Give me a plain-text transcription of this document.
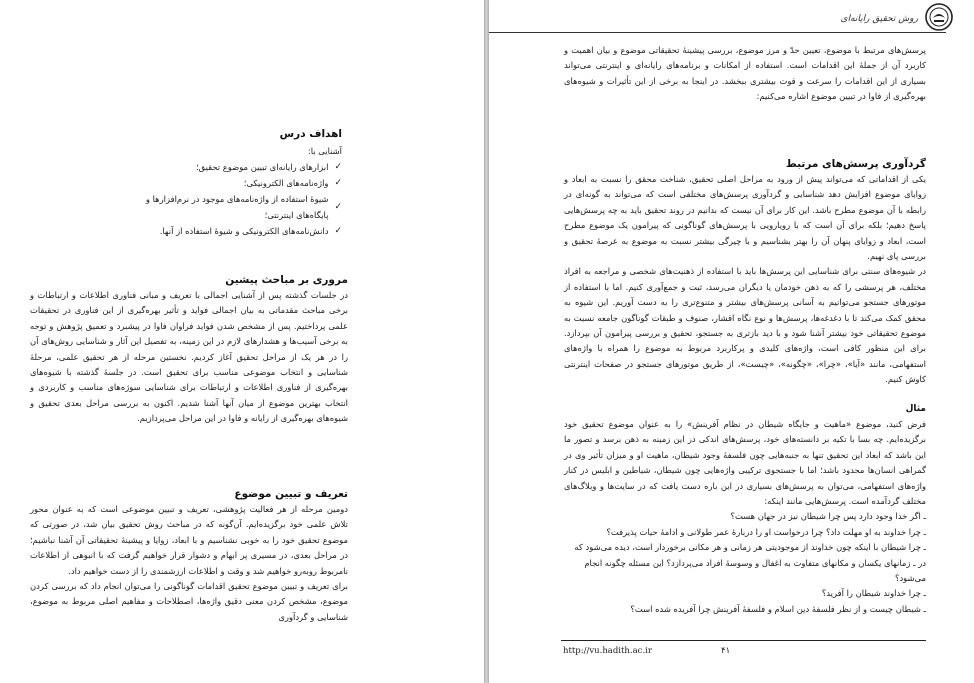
اهداف درس
آشنایی با:
✓
ابزارهای رایانه‌ای تبیین موضوع تحقیق؛
✓
واژه‌نامه‌های الکترونیکی؛
✓
شیوۀ استفاده از واژه‌نامه‌های موجود در نرم‌افزارها و پایگاه‌های اینترنتی؛
✓
دانش‌نامه‌های الکترونیکی و شیوۀ استفاده از آنها.
مروری بر مباحث پیشین

در جلسات گذشته پس از آشنایی اجمالی با تعریف و مبانی فناوری اطلاعات و ارتباطات و برخی مباحث مقدماتی به بیان اجمالی فواید و تأثیر بهره‌گیری از این فناوری در تحقیقات علمی پرداختیم. پس از مشخص شدن فواید فراوان فاوا در پیشبرد و تعمیق پژوهش و توجه به برخی آسیب‌ها و هشدارهای لازم در این زمینه، به تفصیل این آثار و شناسایی روش‌های آن را در هر یک از مراحل تحقیق آغاز کردیم. نخستین مرحله از هر تحقیق علمی، مرحلۀ شناسایی و انتخاب موضوعی مناسب برای تحقیق است. در جلسۀ گذشته با شیوه‌های بهره‌گیری از فناوری اطلاعات و ارتباطات برای شناسایی سوژه‌های مناسب و کاربردی و انتخاب بهترین موضوع از میان آنها آشنا شدیم. اکنون به بررسی مراحل بعدی تحقیق و شیوه‌های بهره‌گیری از رایانه و فاوا در این مراحل می‌پردازیم.

تعریف و تبیین موضوع

دومین مرحله از هر فعالیت پژوهشی، تعریف و تبیین موضوعی است که به عنوان محور تلاش علمی خود برگزیده‌ایم. آن‌گونه که در مباحث روش تحقیق بیان شد، در صورتی که موضوع تحقیق خود را به خوبی نشناسیم و با ابعاد، زوایا و پیشینۀ تحقیقاتی آن آشنا نباشیم؛ در مراحل بعدی، در مسیری پر ابهام و دشوار قرار خواهیم گرفت که با انبوهی از اطلاعات نامربوط روبه‌رو خواهیم شد و وقت و اطلاعات ارزشمندی را از دست خواهیم داد.

برای تعریف و تبیین موضوع تحقیق اقدامات گوناگونی را می‌توان انجام داد که بررسی کردن موضوع، مشخص کردن معنی دقیق واژه‌ها، اصطلاحات و مفاهیم اصلی مربوط به موضوع، شناسایی و گردآوری

روش تحقیق رایانه‌ای

پرسش‌های مرتبط با موضوع، تعیین حدّ و مرز موضوع، بررسی پیشینۀ تحقیقاتی موضوع و بیان اهمیت و کاربرد آن از جملۀ این اقدامات است. استفاده از امکانات و برنامه‌های رایانه‌ای و اینترنتی می‌تواند بسیاری از این اقدامات را سرعت و قوت بیشتری ببخشد. در اینجا به برخی از این تأثیرات و شیوه‌های بهره‌گیری از فاوا در تبیین موضوع اشاره می‌کنیم:

گردآوری پرسش‌های مرتبط

یکی از اقداماتی که می‌تواند پیش از ورود به مراحل اصلی تحقیق، شناخت محقق را نسبت به ابعاد و زوایای موضوع افزایش دهد شناسایی و گردآوری پرسش‌های مختلفی است که می‌تواند به گونه‌ای در رابطه با آن موضوع مطرح باشد. این کار برای آن نیست که بدانیم در روند تحقیق باید به چه پرسش‌هایی پاسخ دهیم؛ بلکه برای آن است که با رویارویی با پرسش‌های گوناگونی که پیرامون یک موضوع مطرح است، ابعاد و زوایای پنهان آن را بهتر بشناسیم و با چیرگی بیشتر نسبت به موضوع به عرصۀ تحقیق و بررسی پای نهیم.

در شیوه‌های سنتی برای شناسایی این پرسش‌ها باید با استفاده از ذهنیت‌های شخصی و مراجعه به افراد مختلف، هر پرسشی را که به ذهن خودمان یا دیگران می‌رسد، ثبت و جمع‌آوری کنیم. اما با استفاده از موتورهای جستجو می‌توانیم به آسانی پرسش‌های بیشتر و متنوع‌تری را به دست آوریم. این شیوه به محقق کمک می‌کند تا با دغدغه‌ها، پرسش‌ها و نوع نگاه اقشار، صنوف و طبقات گوناگون جامعه نسبت به موضوع تحقیقاتی خود بیشتر آشنا شود و با دید بازتری به جستجو، تحقیق و بررسی پیرامون آن بپردازد. برای این منظور کافی است، واژه‌های کلیدی و پرکاربرد مربوط به موضوع را همراه با واژه‌های استفهامی، مانند «آیا»، «چرا»، «چگونه»، «چیست»، از طریق موتورهای جستجو در صفحات اینترنتی کاوش کنیم.

مثال

فرض کنید، موضوع «ماهیت و جایگاه شیطان در نظام آفرینش» را به عنوان موضوع تحقیق خود برگزیده‌ایم. چه بسا با تکیه بر دانسته‌های خود، پرسش‌های اندکی در این زمینه به ذهن برسد و تصور ما این باشد که ابعاد این تحقیق تنها به جنبه‌هایی چون فلسفۀ وجود شیطان، ماهیت او و میزان تأثیر وی در گمراهی انسان‌ها محدود باشد؛ اما با جستجوی ترکیبی واژه‌هایی چون شیطان، شیاطین و ابلیس در کنار واژه‌های استفهامی، می‌توان به پرسش‌های بسیاری در این باره دست یافت که در سایت‌ها و وبلاگ‌های مختلف گردآمده است. پرسش‌هایی مانند اینکه:

ـ اگر خدا وجود دارد پس چرا شیطان نیز در جهان هست؟
ـ چرا خداوند به او مهلت داد؟ چرا درخواست او را دربارۀ عمر طولانی و ادامۀ حیات پذیرفت؟
ـ چرا شیطان با اینکه چون خداوند از موجودیتی هر زمانی و هر مکانی برخوردار است، دیده می‌شود که در ـ زمانهای یکسان و مکانهای متفاوت به اغفال و وسوسۀ افراد می‌پردازد؟ این مسئله چگونه انجام می‌شود؟
ـ چرا خداوند شیطان را آفرید؟
ـ شیطان چیست و از نظر فلسفۀ دین اسلام و فلسفۀ آفرینش چرا آفریده شده است؟
http://vu.hadith.ac.ir	۴۱
